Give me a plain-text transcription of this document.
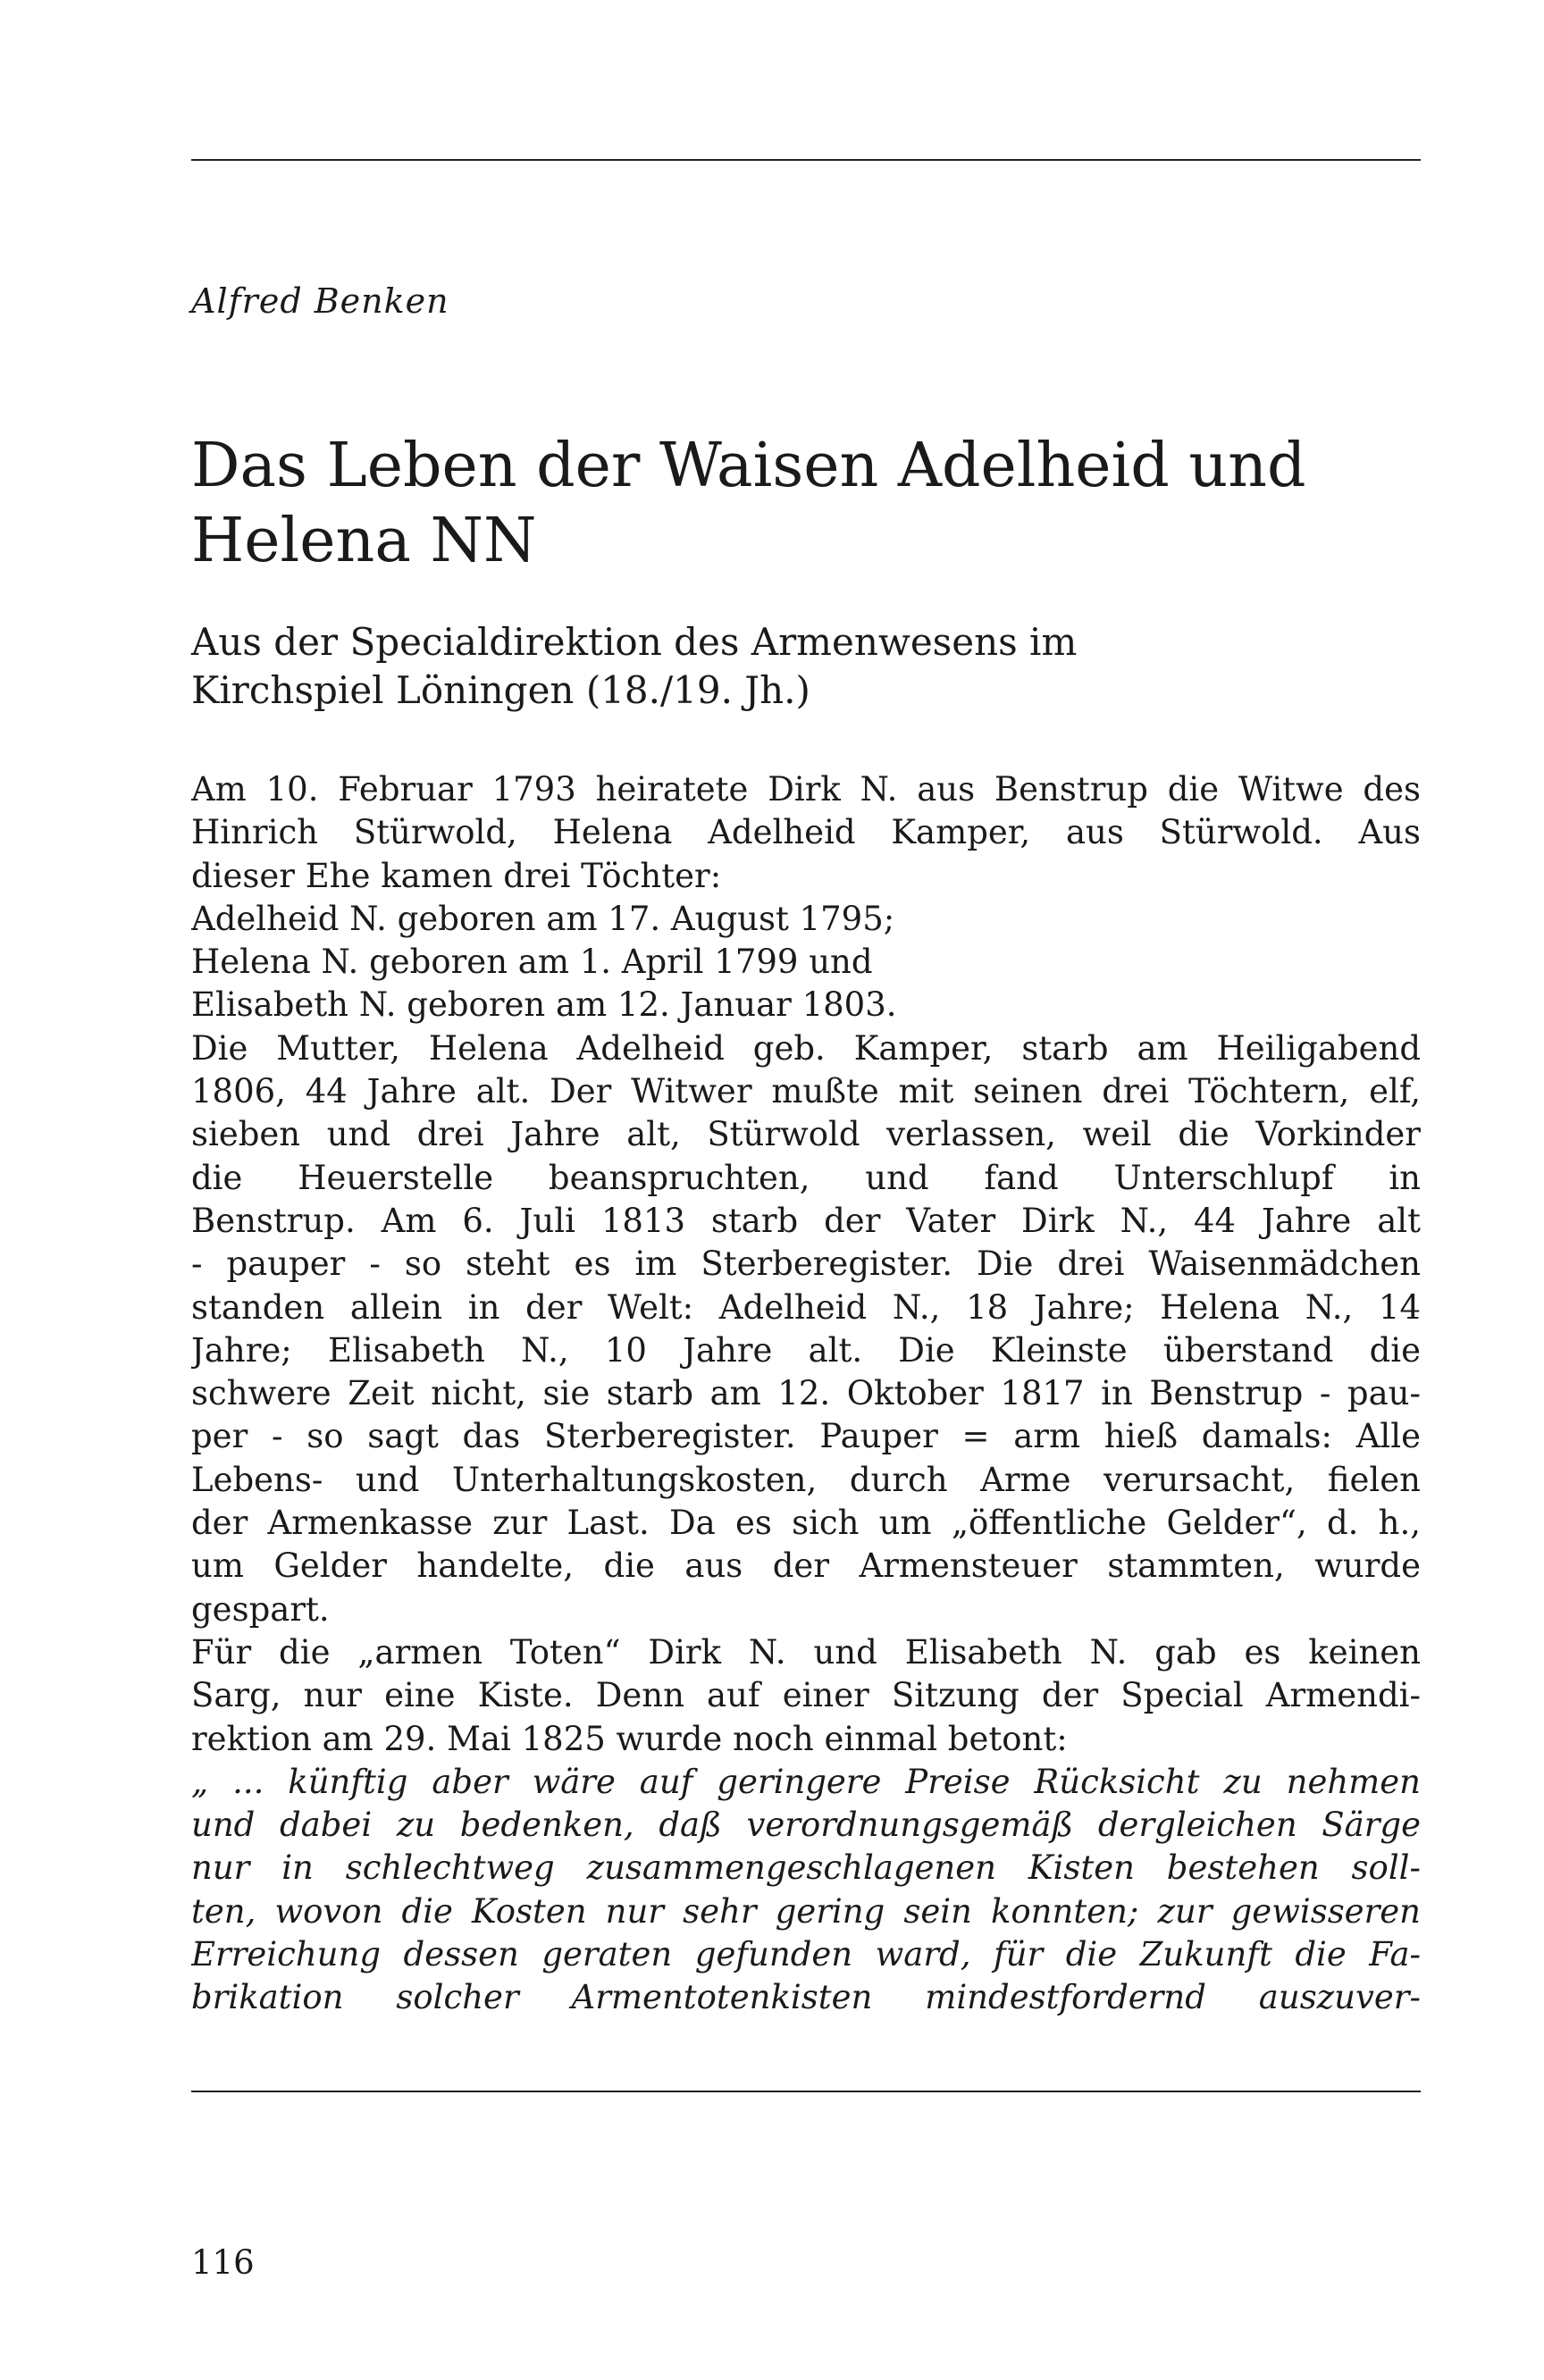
Alfred Benken
Das Leben der Waisen Adelheid und
Helena NN
Aus der Specialdirektion des Armenwesens im
Kirchspiel Löningen (18./19. Jh.)
Am 10. Februar 1793 heiratete Dirk N. aus Benstrup die Witwe des
Hinrich Stürwold, Helena Adelheid Kamper, aus Stürwold. Aus
dieser Ehe kamen drei Töchter:
Adelheid N. geboren am 17. August 1795;
Helena N. geboren am 1. April 1799 und
Elisabeth N. geboren am 12. Januar 1803.
Die Mutter, Helena Adelheid geb. Kamper, starb am Heiligabend
1806, 44 Jahre alt. Der Witwer mußte mit seinen drei Töchtern, elf,
sieben und drei Jahre alt, Stürwold verlassen, weil die Vorkinder
die Heuerstelle beanspruchten, und fand Unterschlupf in
Benstrup. Am 6. Juli 1813 starb der Vater Dirk N., 44 Jahre alt
- pauper - so steht es im Sterberegister. Die drei Waisenmädchen
standen allein in der Welt: Adelheid N., 18 Jahre; Helena N., 14
Jahre; Elisabeth N., 10 Jahre alt. Die Kleinste überstand die
schwere Zeit nicht, sie starb am 12. Oktober 1817 in Benstrup - pau-
per - so sagt das Sterberegister. Pauper = arm hieß damals: Alle
Lebens- und Unterhaltungskosten, durch Arme verursacht, fielen
der Armenkasse zur Last. Da es sich um „öffentliche Gelder“, d. h.,
um Gelder handelte, die aus der Armensteuer stammten, wurde
gespart.
Für die „armen Toten“ Dirk N. und Elisabeth N. gab es keinen
Sarg, nur eine Kiste. Denn auf einer Sitzung der Special Armendi-
rektion am 29. Mai 1825 wurde noch einmal betont:
„ ... künftig aber wäre auf geringere Preise Rücksicht zu nehmen
und dabei zu bedenken, daß verordnungsgemäß dergleichen Särge
nur in schlechtweg zusammengeschlagenen Kisten bestehen soll-
ten, wovon die Kosten nur sehr gering sein konnten; zur gewisseren
Erreichung dessen geraten gefunden ward, für die Zukunft die Fa-
brikation solcher Armentotenkisten mindestfordernd auszuver-
116
